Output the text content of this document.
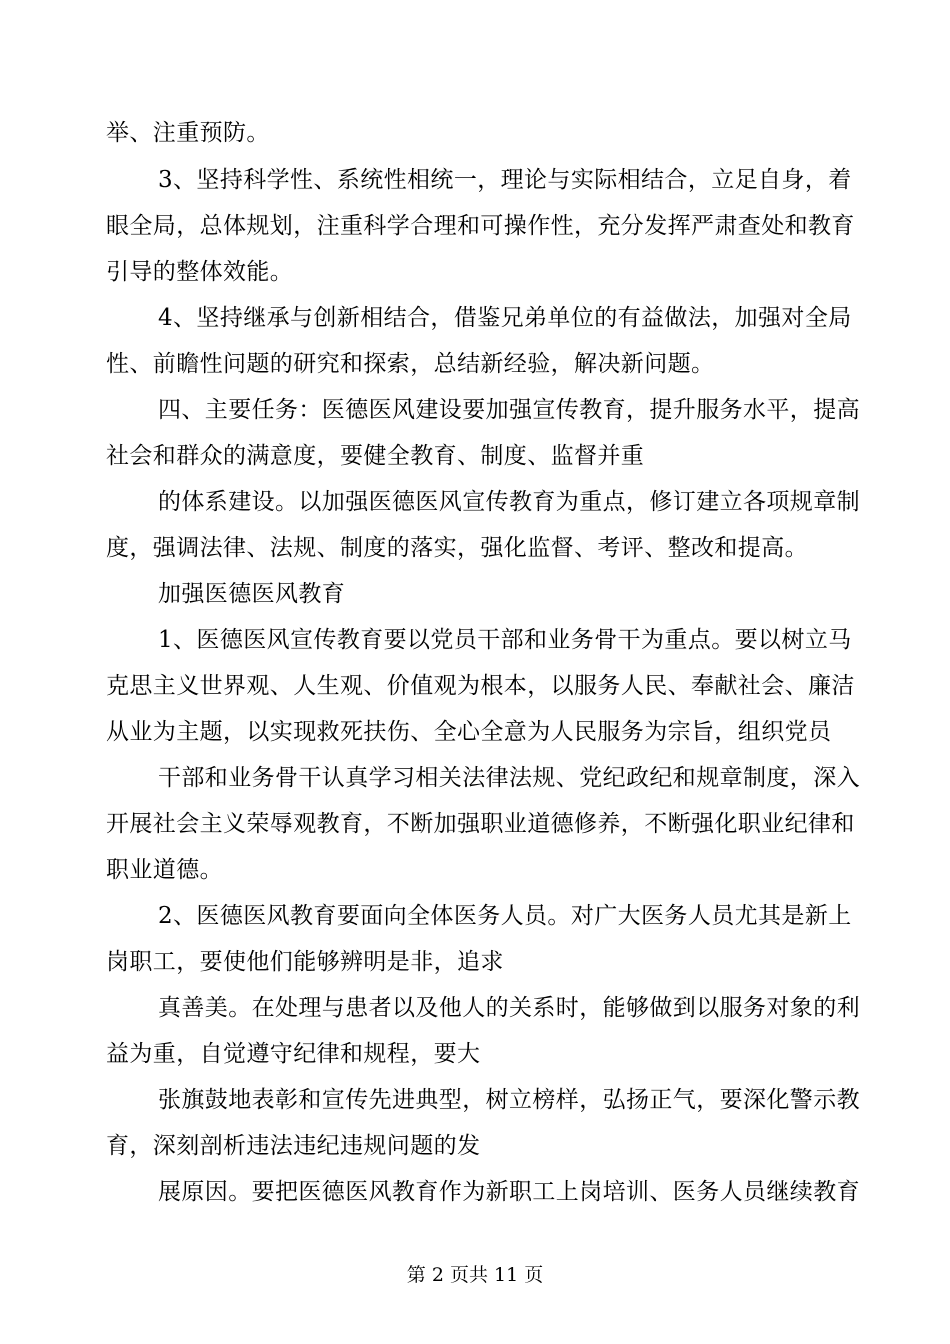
举、注重预防。
3、坚持科学性、系统性相统一，理论与实际相结合，立足自身，着
眼全局，总体规划，注重科学合理和可操作性，充分发挥严肃查处和教育
引导的整体效能。
4、坚持继承与创新相结合，借鉴兄弟单位的有益做法，加强对全局
性、前瞻性问题的研究和探索，总结新经验，解决新问题。
四、主要任务：医德医风建设要加强宣传教育，提升服务水平，提高
社会和群众的满意度，要健全教育、制度、监督并重
的体系建设。以加强医德医风宣传教育为重点，修订建立各项规章制
度，强调法律、法规、制度的落实，强化监督、考评、整改和提高。
加强医德医风教育
1、医德医风宣传教育要以党员干部和业务骨干为重点。要以树立马
克思主义世界观、人生观、价值观为根本，以服务人民、奉献社会、廉洁
从业为主题，以实现救死扶伤、全心全意为人民服务为宗旨，组织党员
干部和业务骨干认真学习相关法律法规、党纪政纪和规章制度，深入
开展社会主义荣辱观教育，不断加强职业道德修养，不断强化职业纪律和
职业道德。
2、医德医风教育要面向全体医务人员。对广大医务人员尤其是新上
岗职工，要使他们能够辨明是非，追求
真善美。在处理与患者以及他人的关系时，能够做到以服务对象的利
益为重，自觉遵守纪律和规程，要大
张旗鼓地表彰和宣传先进典型，树立榜样，弘扬正气，要深化警示教
育，深刻剖析违法违纪违规问题的发
展原因。要把医德医风教育作为新职工上岗培训、医务人员继续教育
第 2 页共 11 页
